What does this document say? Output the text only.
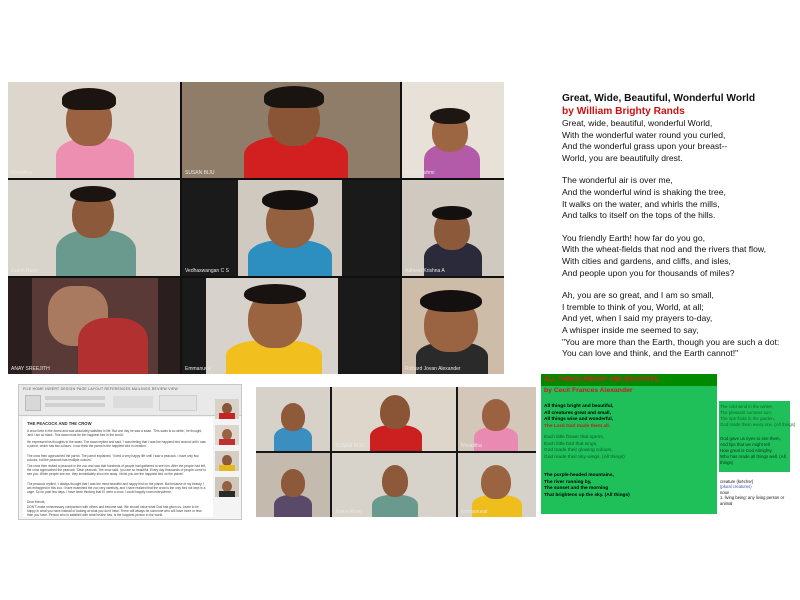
Nivaditha	SUSAN BIJU	Mahalakshmi
Juann Runo	Vedhaswangan C S	Adhved Krishna A
ANAY SREEJITH	Emmanuval	Richard Jovan Alexander
Great, Wide, Beautiful, Wonderful World
by William Brighty Rands
Great, wide, beautiful, wonderful World,
With the wonderful water round you curled,
And the wonderful grass upon your breast--
World, you are beautifully drest.
The wonderful air is over me,
And the wonderful wind is shaking the tree,
It walks on the water, and whirls the mills,
And talks to itself on the tops of the hills.
You friendly Earth! how far do you go,
With the wheat-fields that nod and the rivers that flow,
With cities and gardens, and cliffs, and isles,
And people upon you for thousands of miles?
Ah, you are so great, and I am so small,
I tremble to think of you, World, at all;
And yet, when I said my prayers to-day,
A whisper inside me seemed to say,
"You are more than the Earth, though you are such a dot:
You can love and think, and the Earth cannot!"
FILE HOME INSERT DESIGN PAGE LAYOUT REFERENCES MAILINGS REVIEW VIEW
THE PEACOCK AND THE CROW
A crow lived in the forest and was absolutely satisfied in life. But one day he saw a swan. 'This swan is so white,' he thought, 'and I am so black. This swan must be the happiest bird in the world.'
He expressed his thoughts to the swan. The swan replied and said, 'I was feeling that I was the happiest bird around until I saw a parrot, which has two colours. I now think the parrot is the happiest bird in creation.'
The crow then approached the parrot. The parrot explained, 'I lived a very happy life until I saw a peacock. I have only two colours, but the peacock has multiple colours.'
The crow then visited a peacock in the zoo and saw that hundreds of people had gathered to see him. After the people had left, the crow approached the peacock. 'Dear peacock,' the crow said, 'you are so beautiful. Every day thousands of people come to see you. When people see me, they immediately shoo me away. I think you are the happiest bird on the planet.'
The peacock replied, 'I always thought that I was the most beautiful and happy bird on the planet. But because of my beauty, I am entrapped in this zoo. I have examined the zoo very carefully, and I have realized that the crow is the only bird not kept in a cage. So for past few days, I have been thinking that if I were a crow, I could happily roam everywhere.'
Dear friends,
DON'T make unnecessary comparison with others and become sad. We should value what God has given us. Learn to be happy in what you have instead of looking at what you don't have. There will always be someone who will have more or less than you have. Person who is satisfied with what he/she has, is the happiest person in the world.
SUSAN BIJU	Nivaditha
Juann Runo	Emmanuval
ALL THINGS BRIGHT AND BEAUTIFUL
by Cecil Frances Alexander
All things bright and beautiful,
All creatures great and small,
All things wise and wonderful,
The Lord God made them all.
Each little flower that opens,
Each little bird that sings,
God made their glowing colours,
God made their tiny wings. (All things)
The purple-headed mountains,
The river running by,
The sunset and the morning
That brightens up the sky. (All things)
The cold wind in the winter,
The pleasant summer sun,
The ripe fruits in the garden,
God made them every one. (All things)
God gave us eyes to see them,
And lips that we might tell
How great is God Almighty,
Who has made all things well. (All
things)
creature (krēchər)
(plural creatures)
noun
1. living being: any living person or animal
